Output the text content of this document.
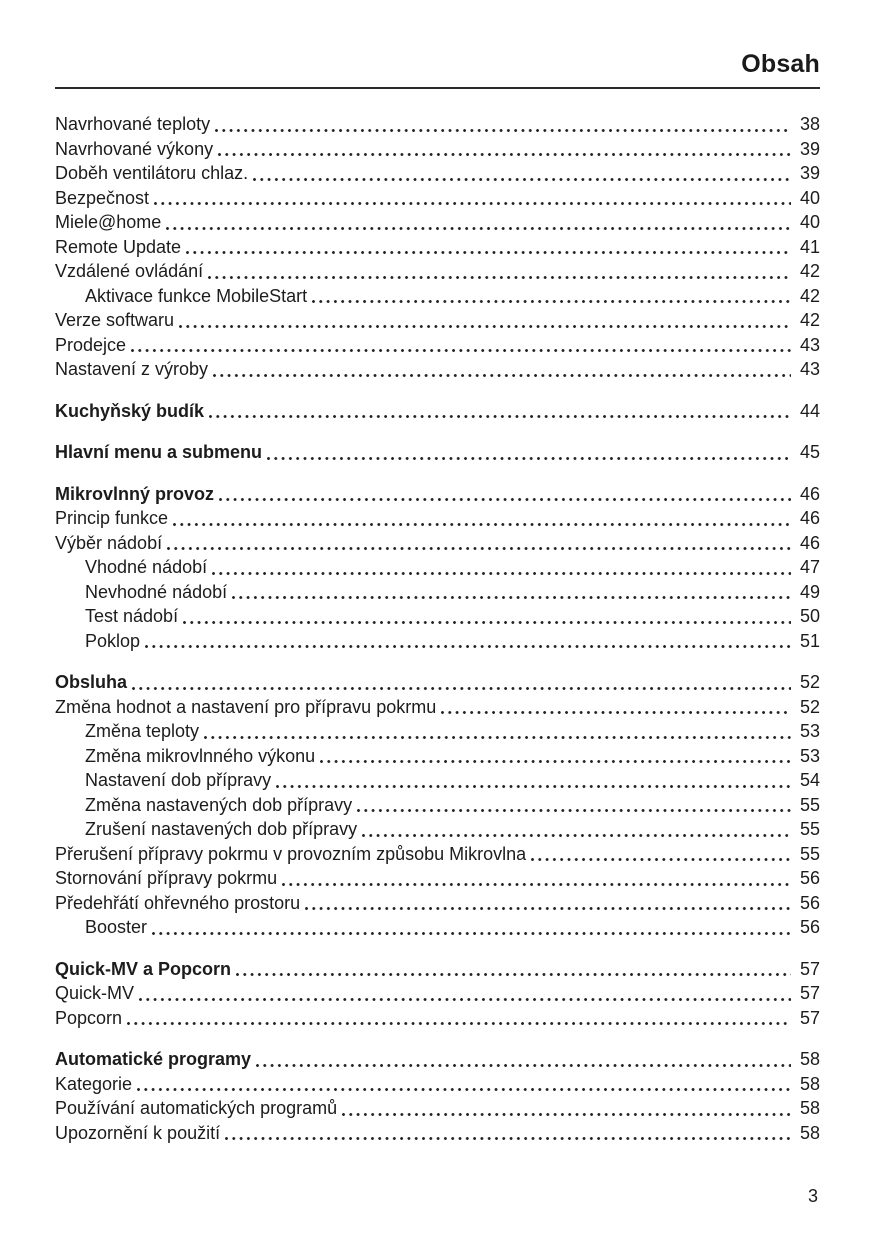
Obsah
Navrhované teploty	38
Navrhované výkony	39
Doběh ventilátoru chlaz.	39
Bezpečnost	40
Miele@home	40
Remote Update	41
Vzdálené ovládání	42
Aktivace funkce MobileStart	42
Verze softwaru	42
Prodejce	43
Nastavení z výroby	43
Kuchyňský budík	44
Hlavní menu a submenu	45
Mikrovlnný provoz	46
Princip funkce	46
Výběr nádobí	46
Vhodné nádobí	47
Nevhodné nádobí	49
Test nádobí	50
Poklop	51
Obsluha	52
Změna hodnot a nastavení pro přípravu pokrmu	52
Změna teploty	53
Změna mikrovlnného výkonu	53
Nastavení dob přípravy	54
Změna nastavených dob přípravy	55
Zrušení nastavených dob přípravy	55
Přerušení přípravy pokrmu v provozním způsobu Mikrovlna	55
Stornování přípravy pokrmu	56
Předehřátí ohřevného prostoru	56
Booster	56
Quick-MV a Popcorn	57
Quick-MV	57
Popcorn	57
Automatické programy	58
Kategorie	58
Používání automatických programů	58
Upozornění k použití	58
3
